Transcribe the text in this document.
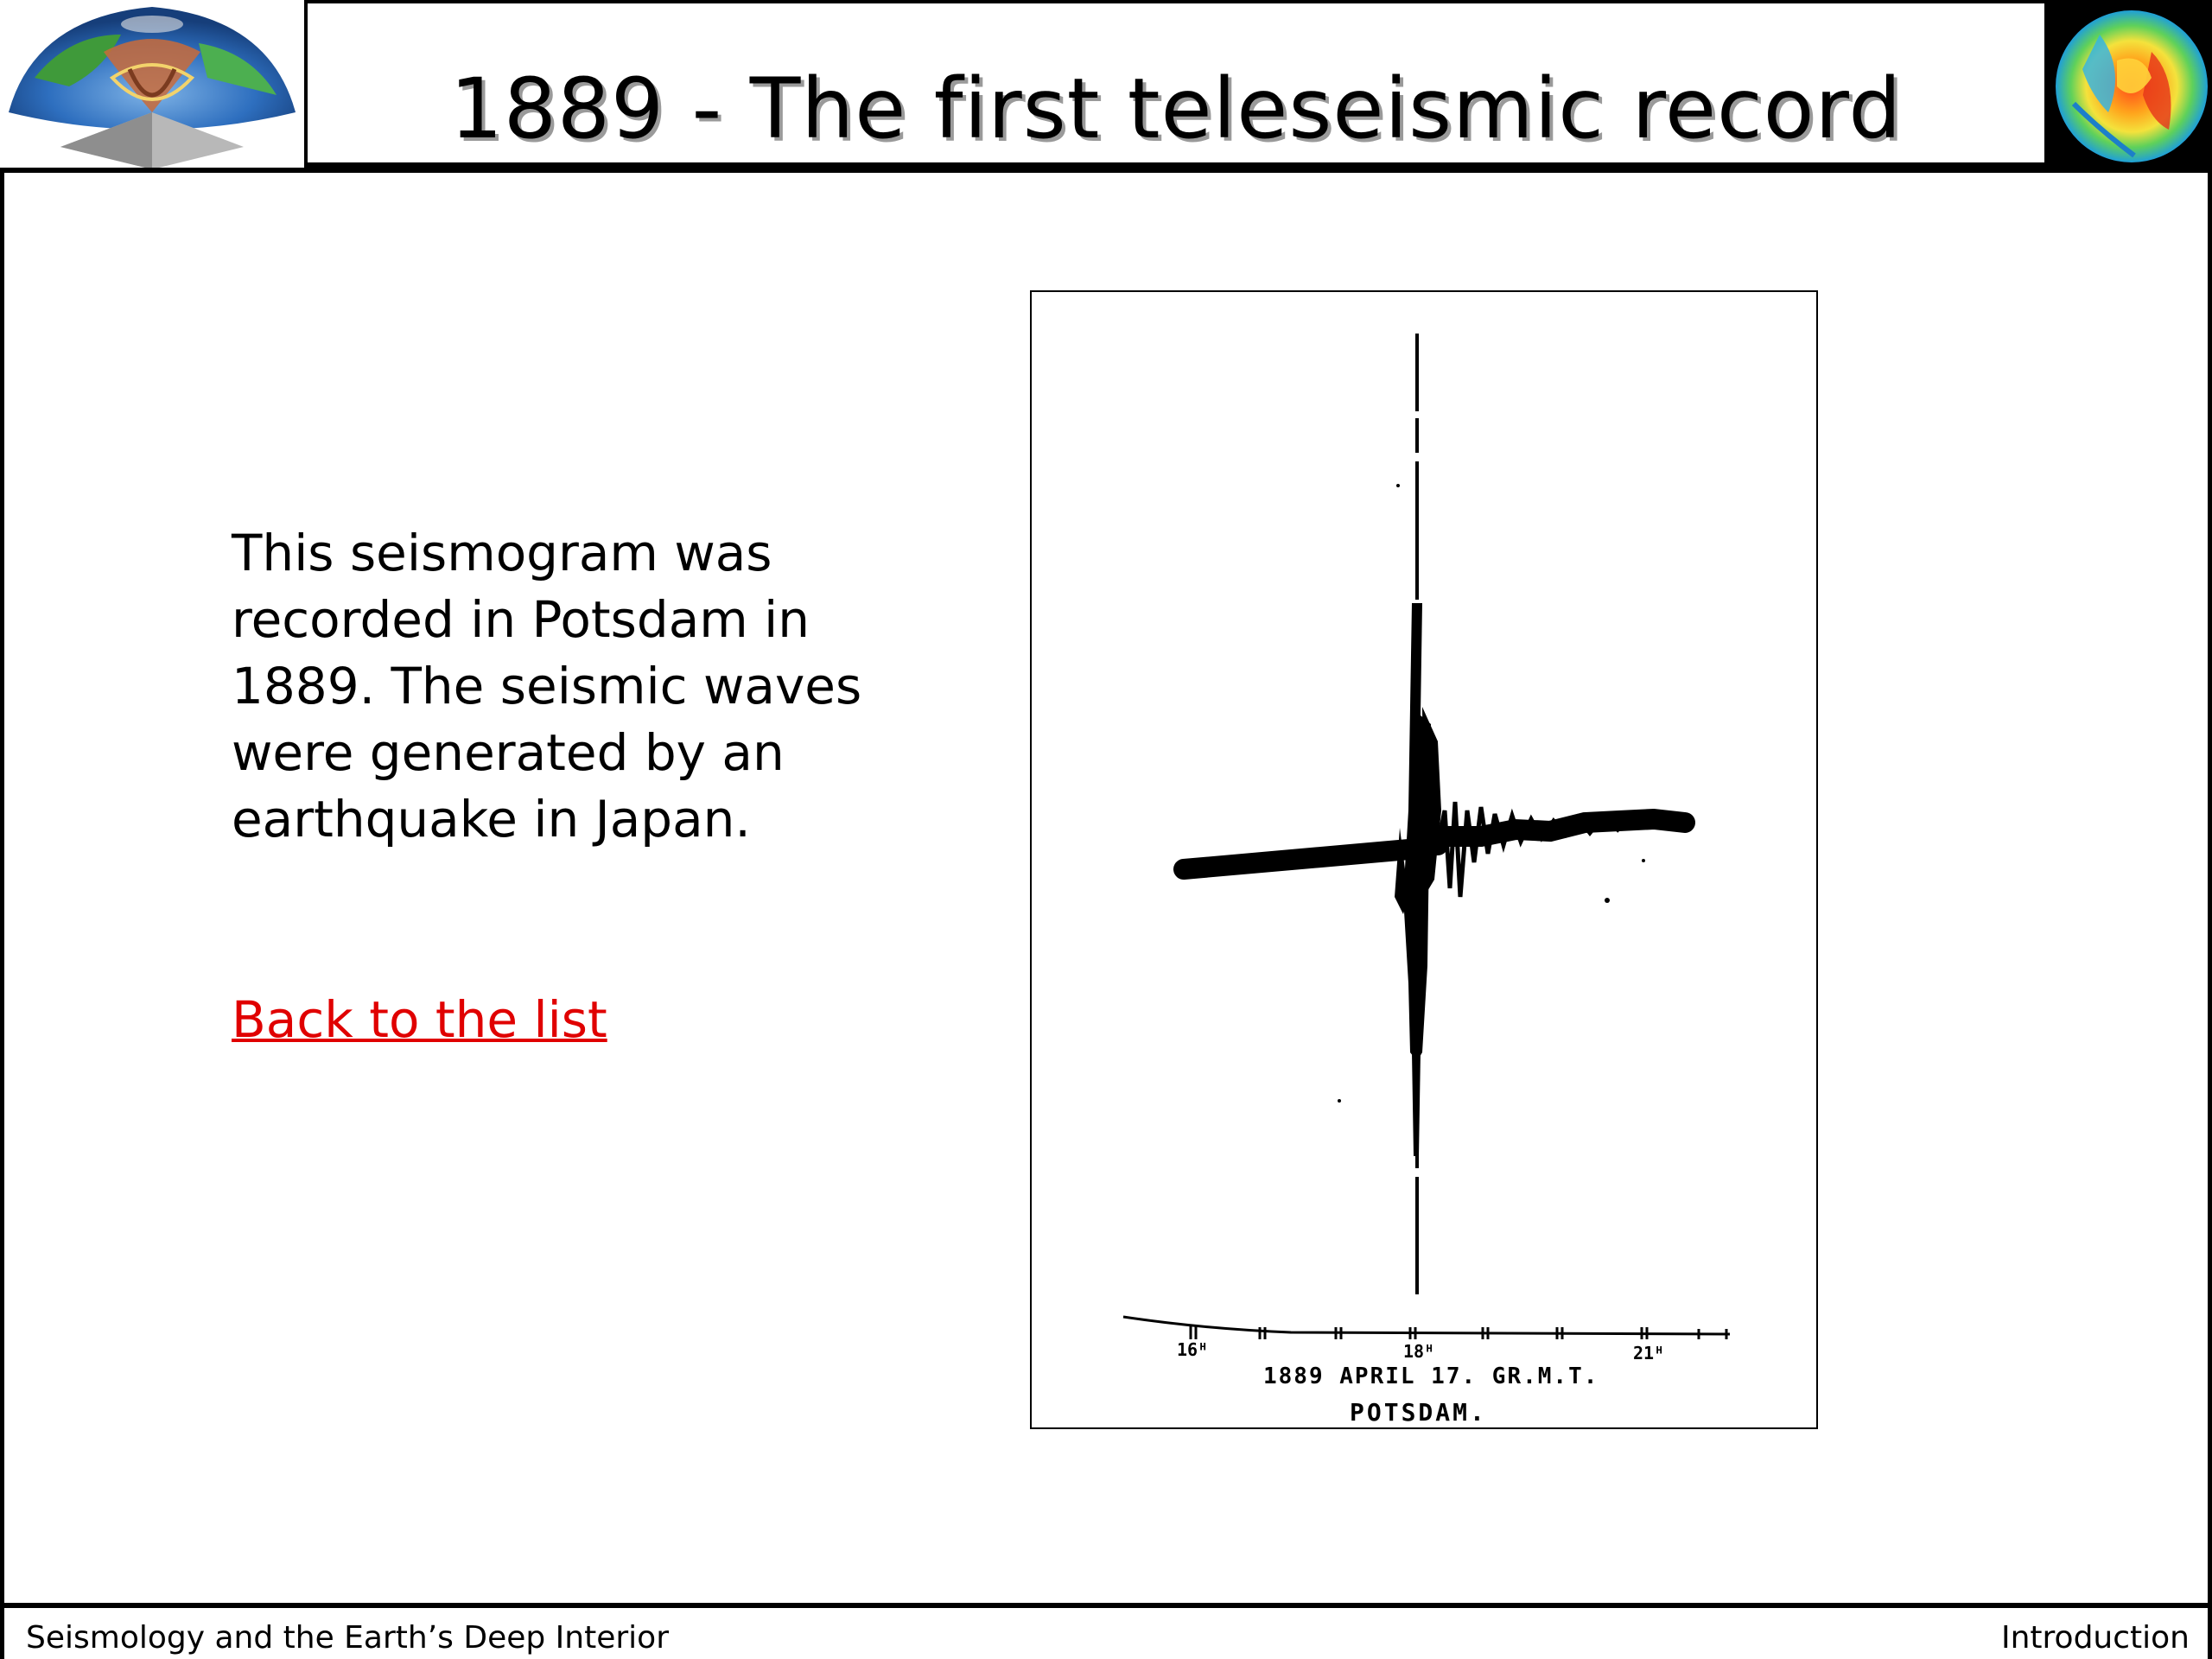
1889 - The first teleseismic record
This seismogram was recorded in Potsdam in 1889. The seismic waves were generated by an earthquake in Japan.
Back to the list
16ᴴ	18ᴴ	21ᴴ
1889 APRIL 17. GR.M.T.
POTSDAM.
Seismology and the Earth’s Deep Interior	Introduction
